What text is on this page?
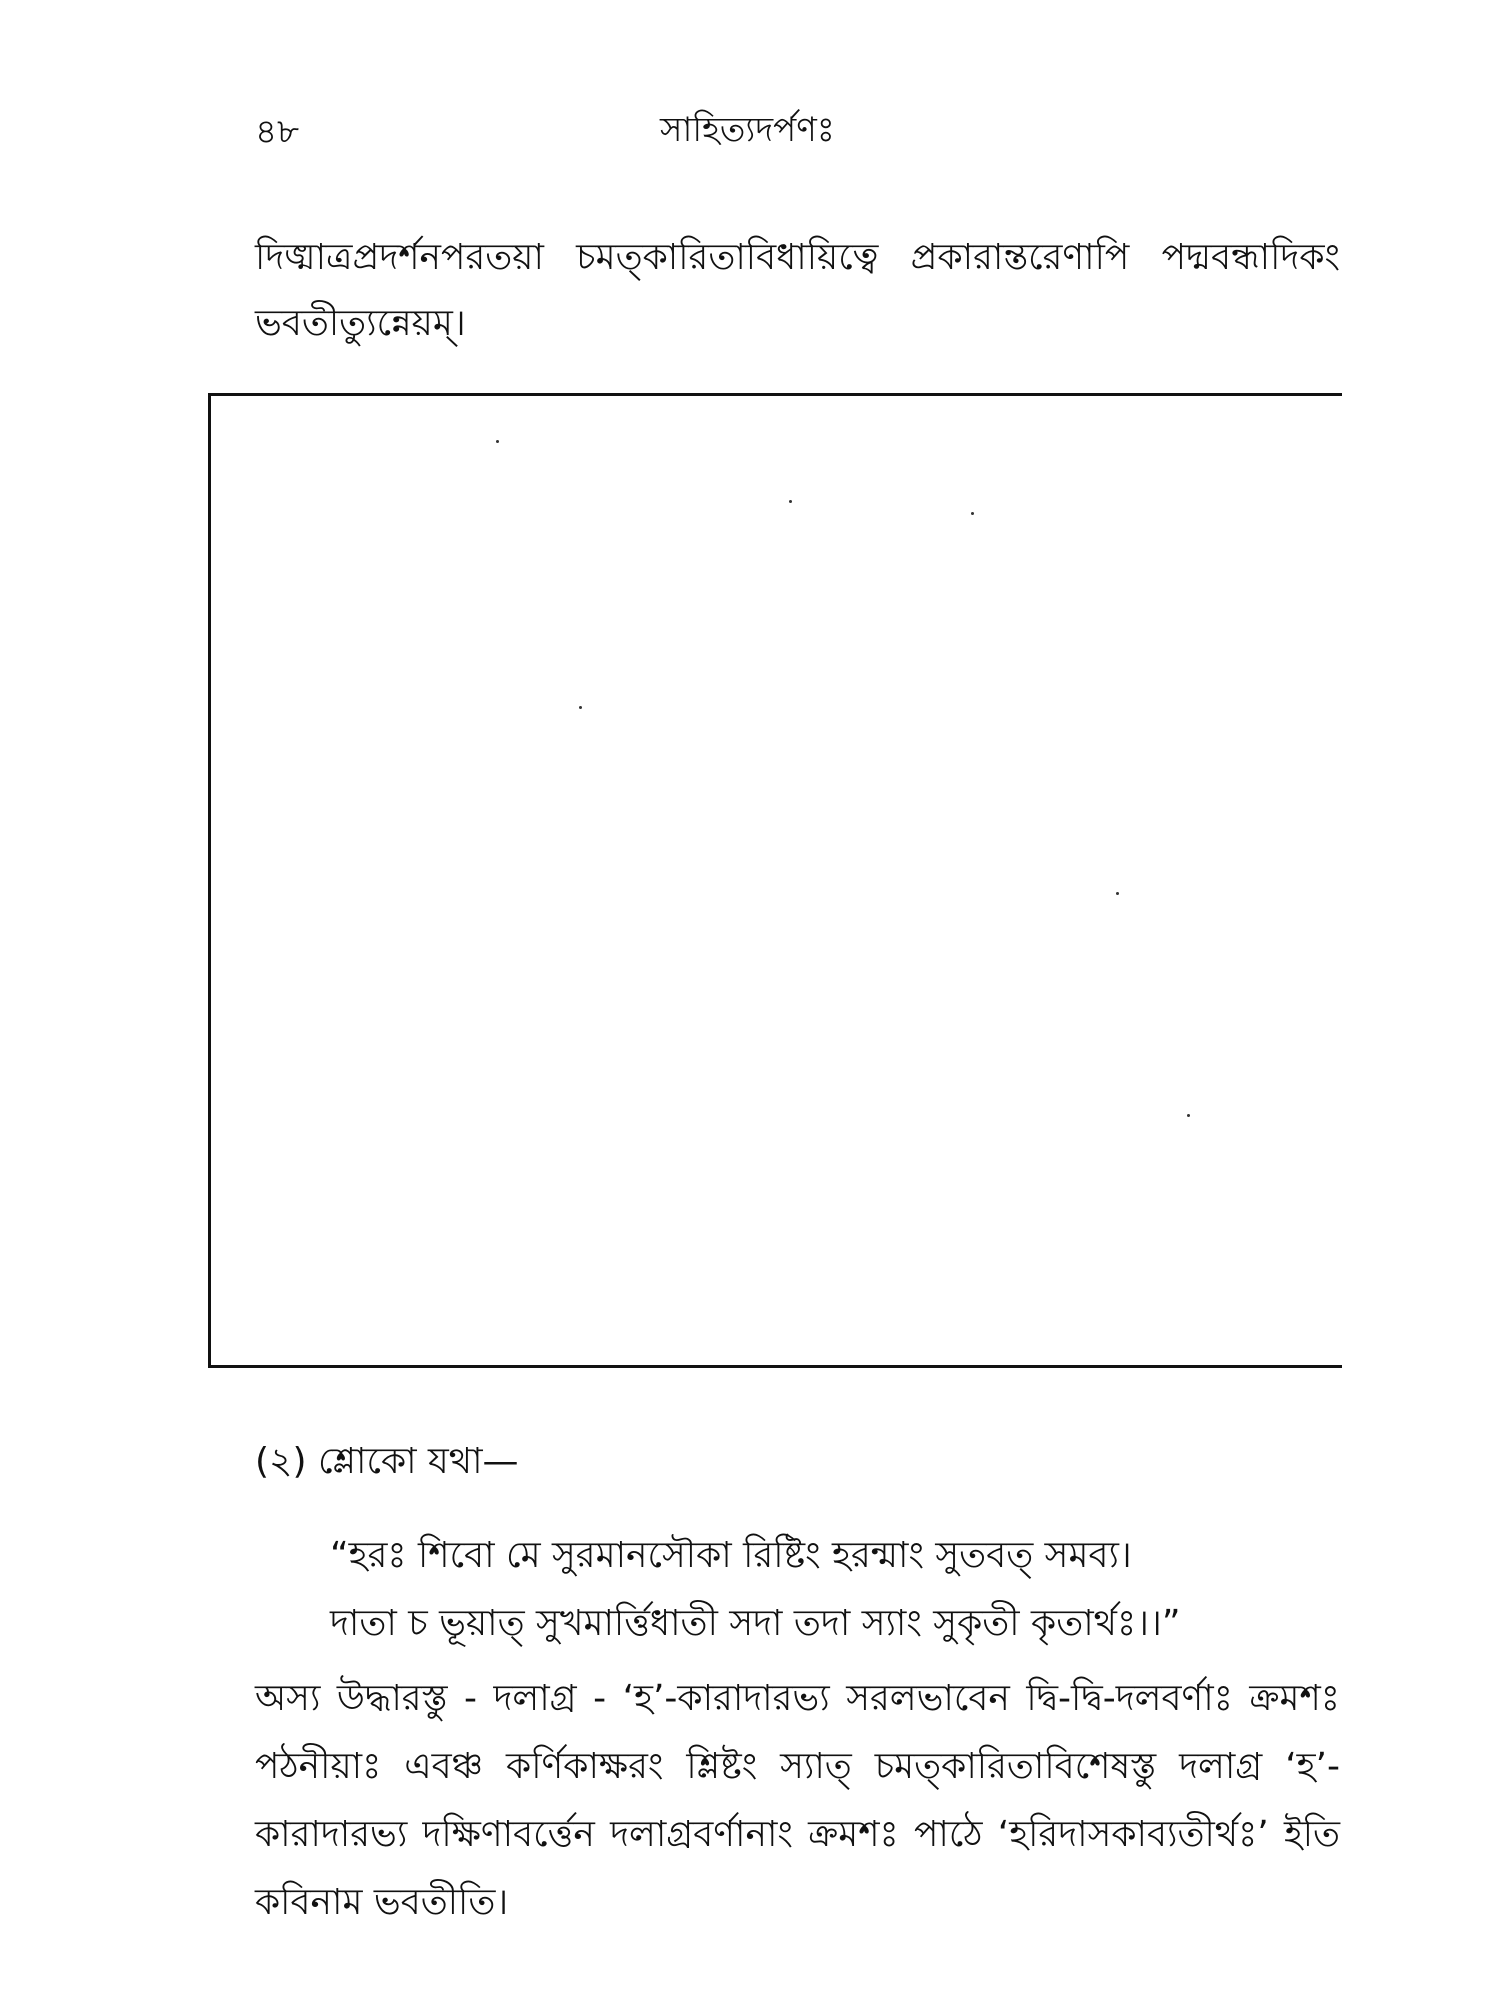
৪৮	সাহিত্যদর্পণঃ
দিঙ্মাত্রপ্রদর্শনপরতয়া চমত্কারিতাবিধায়িত্বে প্রকারান্তরেণাপি পদ্মবন্ধাদিকং ভবতীত্যুন্নেয়ম্।
(২) শ্লোকো যথা—
“হরঃ শিবো মে সুরমানসৌকা রিষ্টিং হরন্মাং সুতবত্ সমব্য।
দাতা চ ভূয়াত্ সুখমার্ত্তিধাতী সদা তদা স্যাং সুকৃতী কৃতার্থঃ।।”
অস্য উদ্ধারস্তু - দলাগ্র - ‘হ’-কারাদারভ্য সরলভাবেন দ্বি-দ্বি-দলবর্ণাঃ ক্রমশঃ পঠনীয়াঃ এবঞ্চ কর্ণিকাক্ষরং শ্লিষ্টং স্যাত্ চমত্কারিতাবিশেষস্তু দলাগ্র ‘হ’-কারাদারভ্য দক্ষিণাবর্ত্তেন দলাগ্রবর্ণানাং ক্রমশঃ পাঠে ‘হরিদাসকাব্যতীর্থঃ’ ইতি কবিনাম ভবতীতি।
